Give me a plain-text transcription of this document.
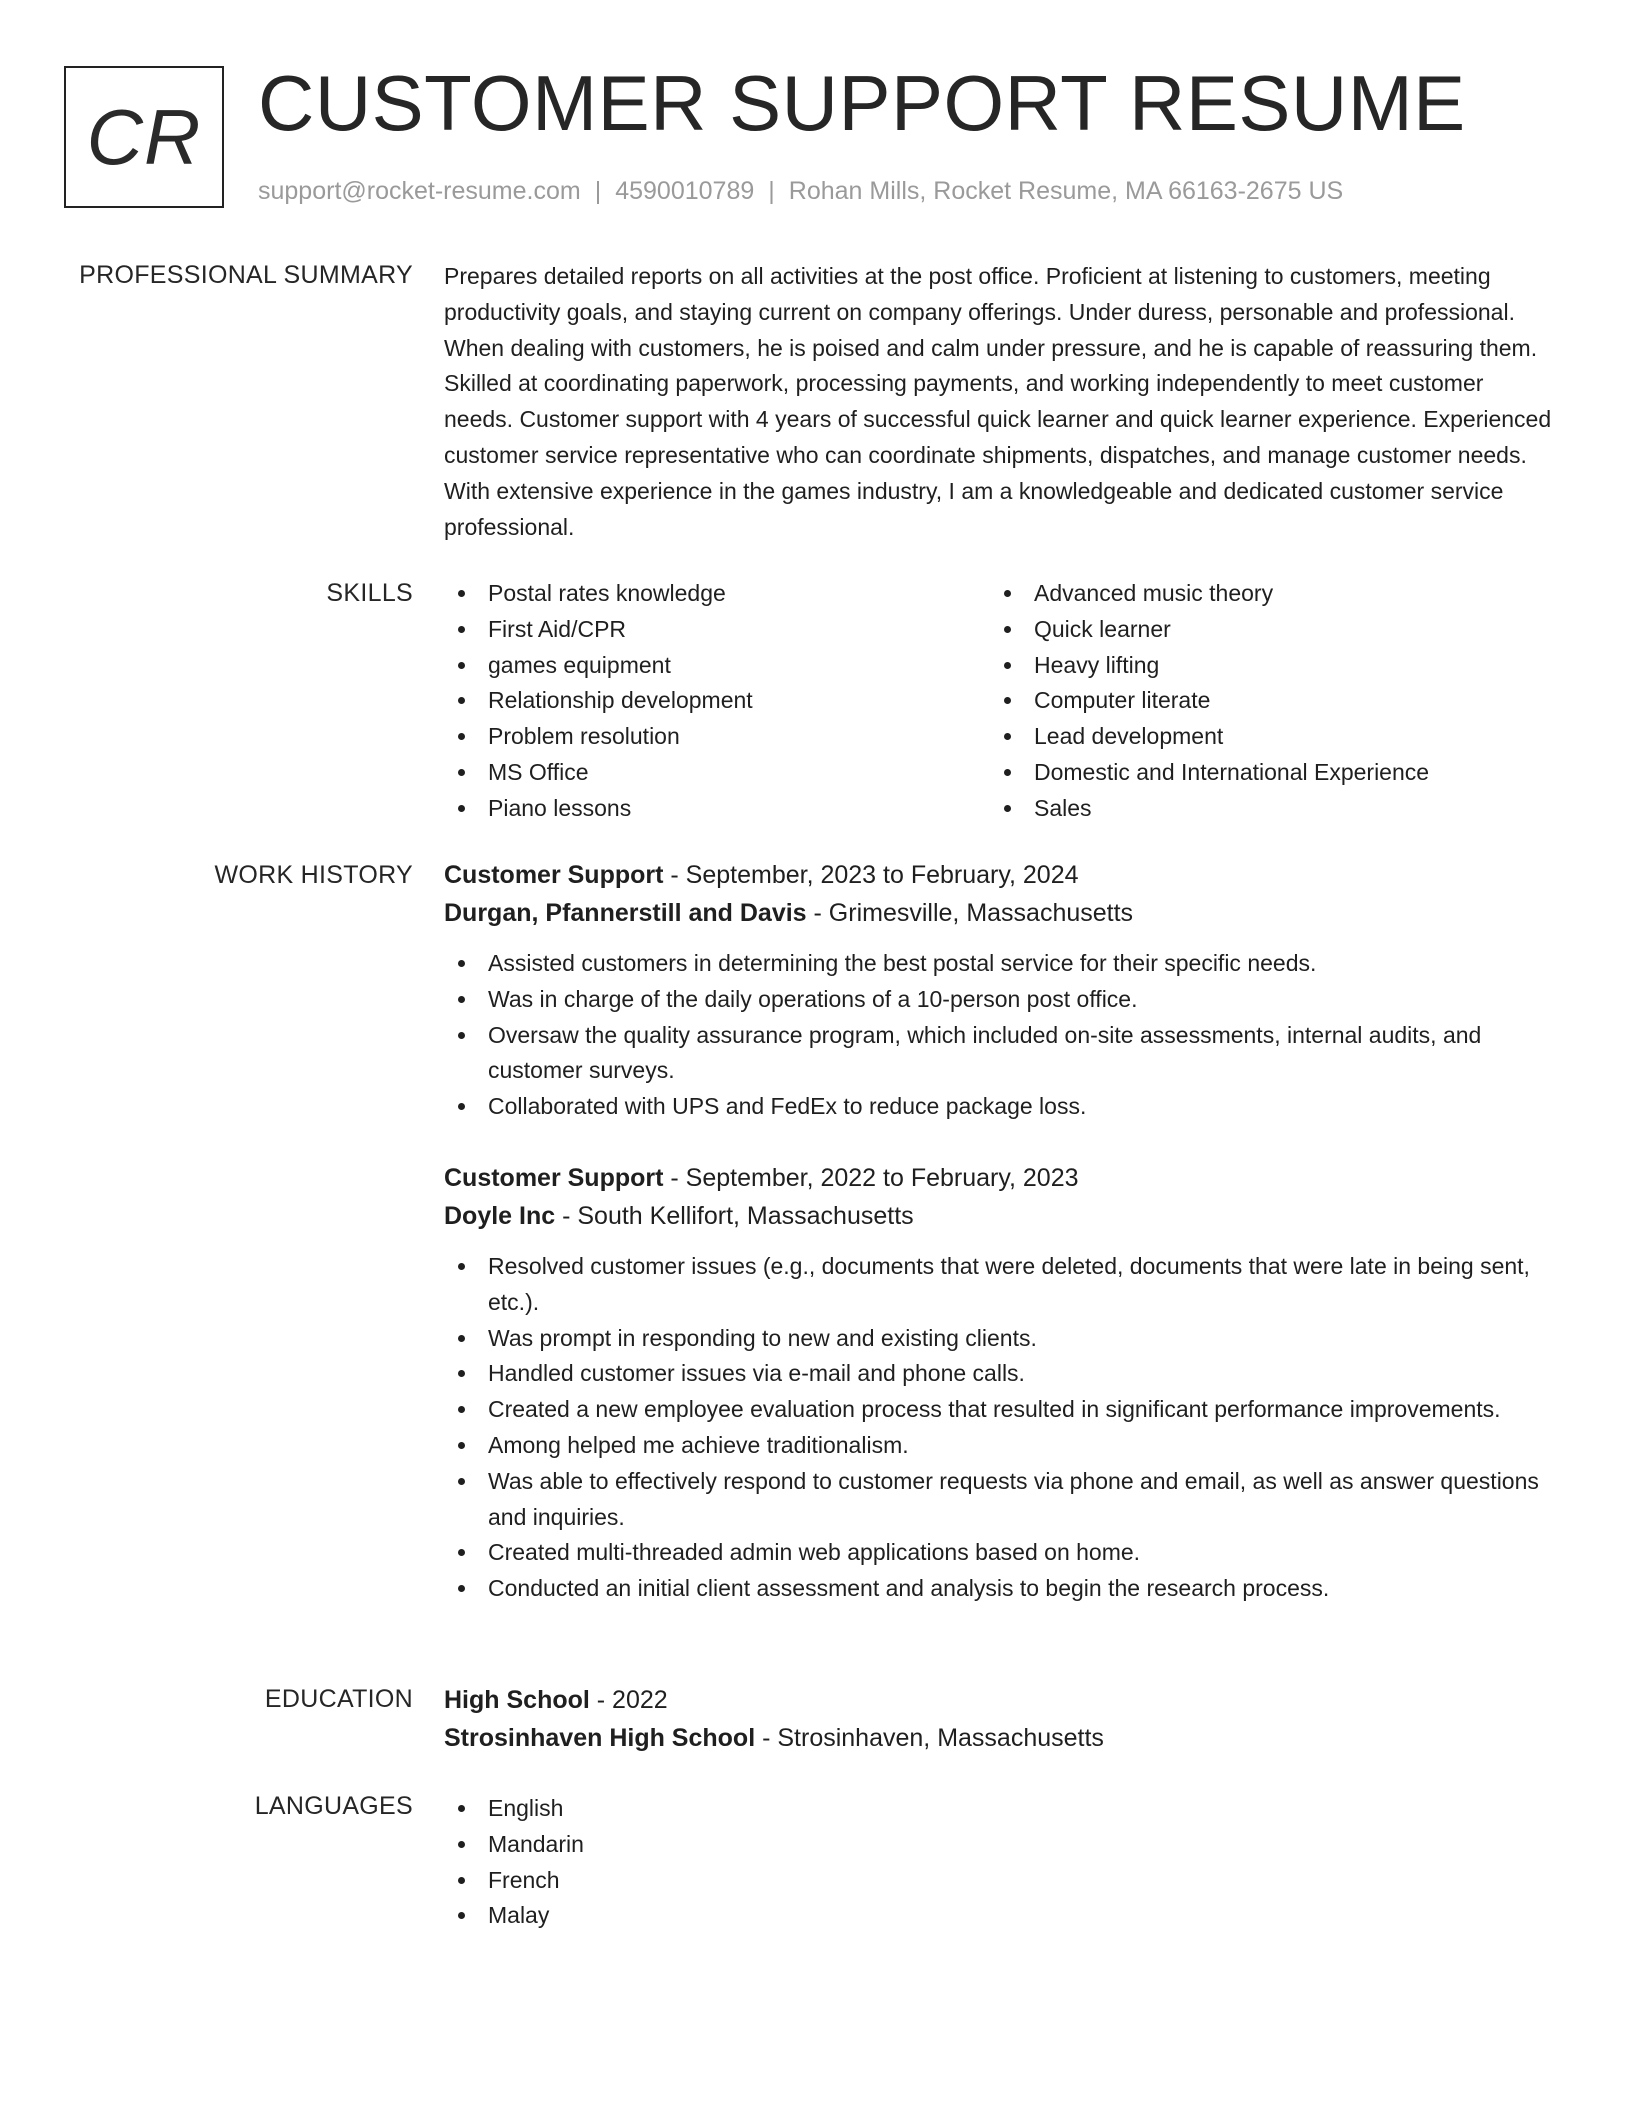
CR CUSTOMER SUPPORT RESUME
support@rocket-resume.com | 4590010789 | Rohan Mills, Rocket Resume, MA 66163-2675 US
PROFESSIONAL SUMMARY Prepares detailed reports on all activities at the post office. Proficient at listening to customers, meeting productivity goals, and staying current on company offerings. Under duress, personable and professional. When dealing with customers, he is poised and calm under pressure, and he is capable of reassuring them. Skilled at coordinating paperwork, processing payments, and working independently to meet customer needs. Customer support with 4 years of successful quick learner and quick learner experience. Experienced customer service representative who can coordinate shipments, dispatches, and manage customer needs. With extensive experience in the games industry, I am a knowledgeable and dedicated customer service professional.

SKILLS	Postal rates knowledge
First Aid/CPR
games equipment
Relationship development
Problem resolution
MS Office
Piano lessons
Advanced music theory
Quick learner
Heavy lifting
Computer literate
Lead development
Domestic and International Experience
Sales
WORK HISTORY Customer Support - September, 2023 to February, 2024
Durgan, Pfannerstill and Davis - Grimesville, Massachusetts
Assisted customers in determining the best postal service for their specific needs.
Was in charge of the daily operations of a 10-person post office.
Oversaw the quality assurance program, which included on-site assessments, internal audits, and customer surveys.
Collaborated with UPS and FedEx to reduce package loss.
Customer Support - September, 2022 to February, 2023
Doyle Inc - South Kellifort, Massachusetts
Resolved customer issues (e.g., documents that were deleted, documents that were late in being sent, etc.).
Was prompt in responding to new and existing clients.
Handled customer issues via e-mail and phone calls.
Created a new employee evaluation process that resulted in significant performance improvements.
Among helped me achieve traditionalism.
Was able to effectively respond to customer requests via phone and email, as well as answer questions and inquiries.
Created multi-threaded admin web applications based on home.
Conducted an initial client assessment and analysis to begin the research process.
EDUCATION High School - 2022
Strosinhaven High School - Strosinhaven, Massachusetts
LANGUAGES	English
Mandarin
French
Malay
